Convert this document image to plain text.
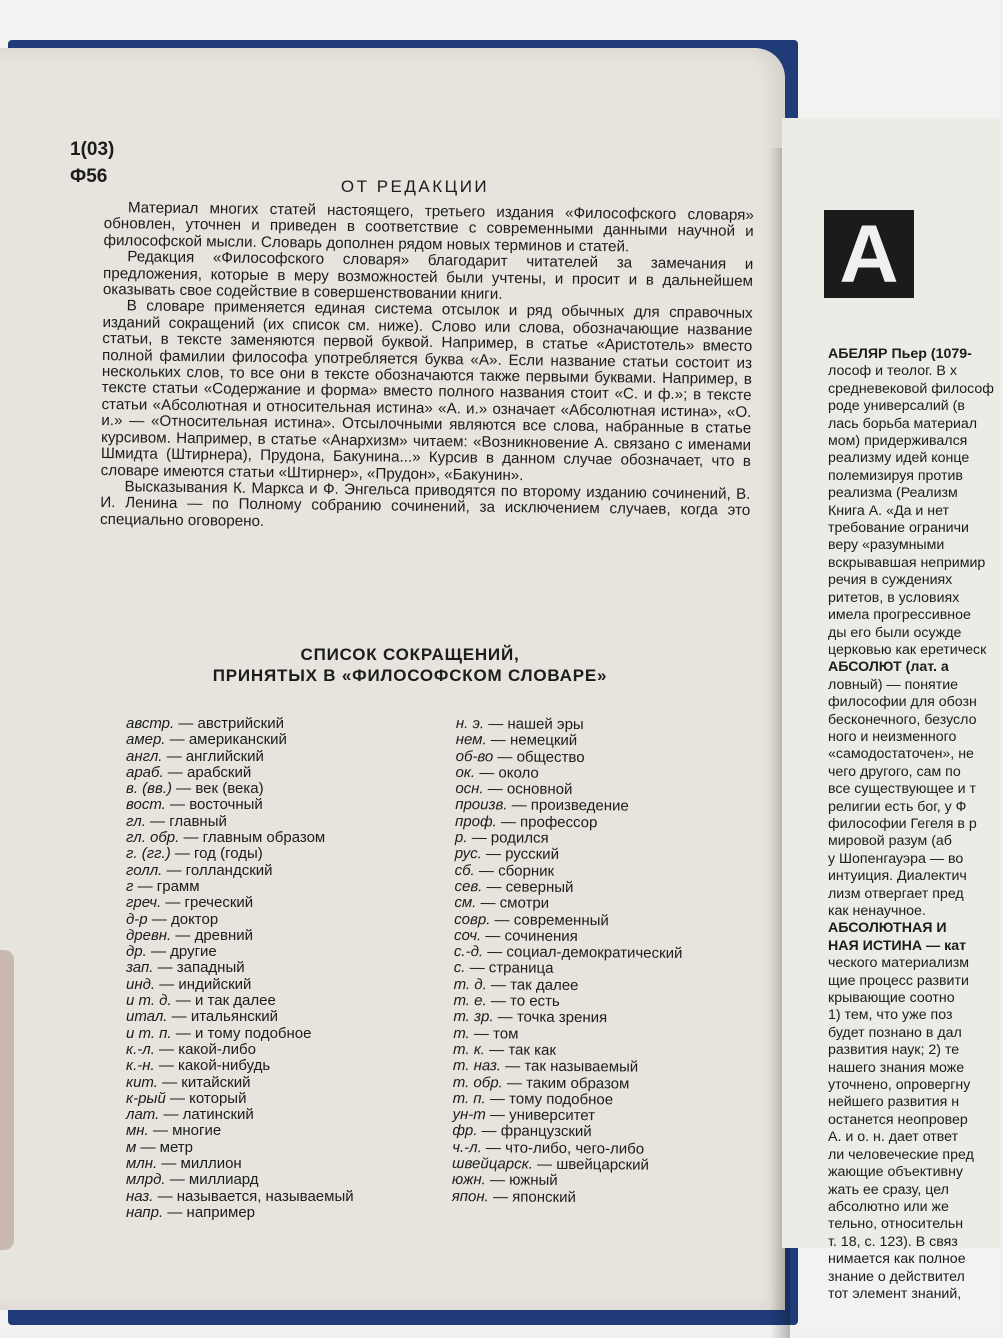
1(03)
Ф56	ОТ РЕДАКЦИИ

Материал многих статей настоящего, третьего издания «Философского словаря» обновлен, уточнен и приведен в соответствие с современными данными научной и философской мысли. Словарь дополнен рядом новых терминов и статей.

Редакция «Философского словаря» благодарит читателей за замечания и предложения, которые в меру возможностей были учтены, и просит и в дальнейшем оказывать свое содействие в совершенствовании книги.

В словаре применяется единая система отсылок и ряд обычных для справочных изданий сокращений (их список см. ниже). Слово или слова, обозначающие название статьи, в тексте заменяются первой буквой. Например, в статье «Аристотель» вместо полной фамилии философа употребляется буква «А». Если название статьи состоит из нескольких слов, то все они в тексте обозначаются также первыми буквами. Например, в тексте статьи «Содержание и форма» вместо полного названия стоит «С. и ф.»; в тексте статьи «Абсолютная и относительная истина» «А. и.» означает «Абсолютная истина», «О. и.» — «Относительная истина». Отсылочными являются все слова, набранные в статье курсивом. Например, в статье «Анархизм» читаем: «Возникновение А. связано с именами Шмидта (Штирнера), Прудона, Бакунина...» Курсив в данном случае обозначает, что в словаре имеются статьи «Штирнер», «Прудон», «Бакунин».

Высказывания К. Маркса и Ф. Энгельса приводятся по второму изданию сочинений, В. И. Ленина — по Полному собранию сочинений, за исключением случаев, когда это специально оговорено.

СПИСОК СОКРАЩЕНИЙ,
ПРИНЯТЫХ В «ФИЛОСОФСКОМ СЛОВАРЕ»
австр. — австрийский
амер. — американский
англ. — английский
араб. — арабский
в. (вв.) — век (века)
вост. — восточный
гл. — главный
гл. обр. — главным образом
г. (гг.) — год (годы)
голл. — голландский
г — грамм
греч. — греческий
д-р — доктор
древн. — древний
др. — другие
зап. — западный
инд. — индийский
и т. д. — и так далее
итал. — итальянский
и т. п. — и тому подобное
к.-л. — какой-либо
к.-н. — какой-нибудь
кит. — китайский
к-рый — который
лат. — латинский
мн. — многие
м — метр
млн. — миллион
млрд. — миллиард
наз. — называется, называемый
напр. — например
н. э. — нашей эры
нем. — немецкий
об-во — общество
ок. — около
осн. — основной
произв. — произведение
проф. — профессор
р. — родился
рус. — русский
сб. — сборник
сев. — северный
см. — смотри
совр. — современный
соч. — сочинения
с.-д. — социал-демократический
с. — страница
т. д. — так далее
т. е. — то есть
т. зр. — точка зрения
т. — том
т. к. — так как
т. наз. — так называемый
т. обр. — таким образом
т. п. — тому подобное
ун-т — университет
фр. — французский
ч.-л. — что-либо, чего-либо
швейцарск. — швейцарский
южн. — южный
япон. — японский
А
АБЕЛЯР Пьер (1079-
лософ и теолог. В х
средневековой философ
роде универсалий (в
лась борьба материал
мом) придерживался
реализму идей конце
полемизируя против
реализма (Реализм
Книга А. «Да и нет
требование ограничи
веру «разумными
вскрывавшая непримир
речия в суждениях
ритетов, в условиях
имела прогрессивное
ды его были осужде
церковью как еретическ
АБСОЛЮТ (лат. а
ловный) — понятие
философии для обозн
бесконечного, безусло
ного и неизменного
«самодостаточен», не
чего другого, сам по
все существующее и т
религии есть бог, у Ф
философии Гегеля в р
мировой разум (аб
у Шопенгауэра — во
интуиция. Диалектич
лизм отвергает пред
как ненаучное.
АБСОЛЮТНАЯ И
НАЯ ИСТИНА — кат
ческого материализм
щие процесс развити
крывающие соотно
1) тем, что уже поз
будет познано в дал
развития наук; 2) те
нашего знания може
уточнено, опровергну
нейшего развития н
останется неопровер
А. и о. н. дает ответ
ли человеческие пред
жающие объективну
жать ее сразу, цел
абсолютно или же
тельно, относительн
т. 18, с. 123). В связ
нимается как полное
знание о действител
тот элемент знаний,
